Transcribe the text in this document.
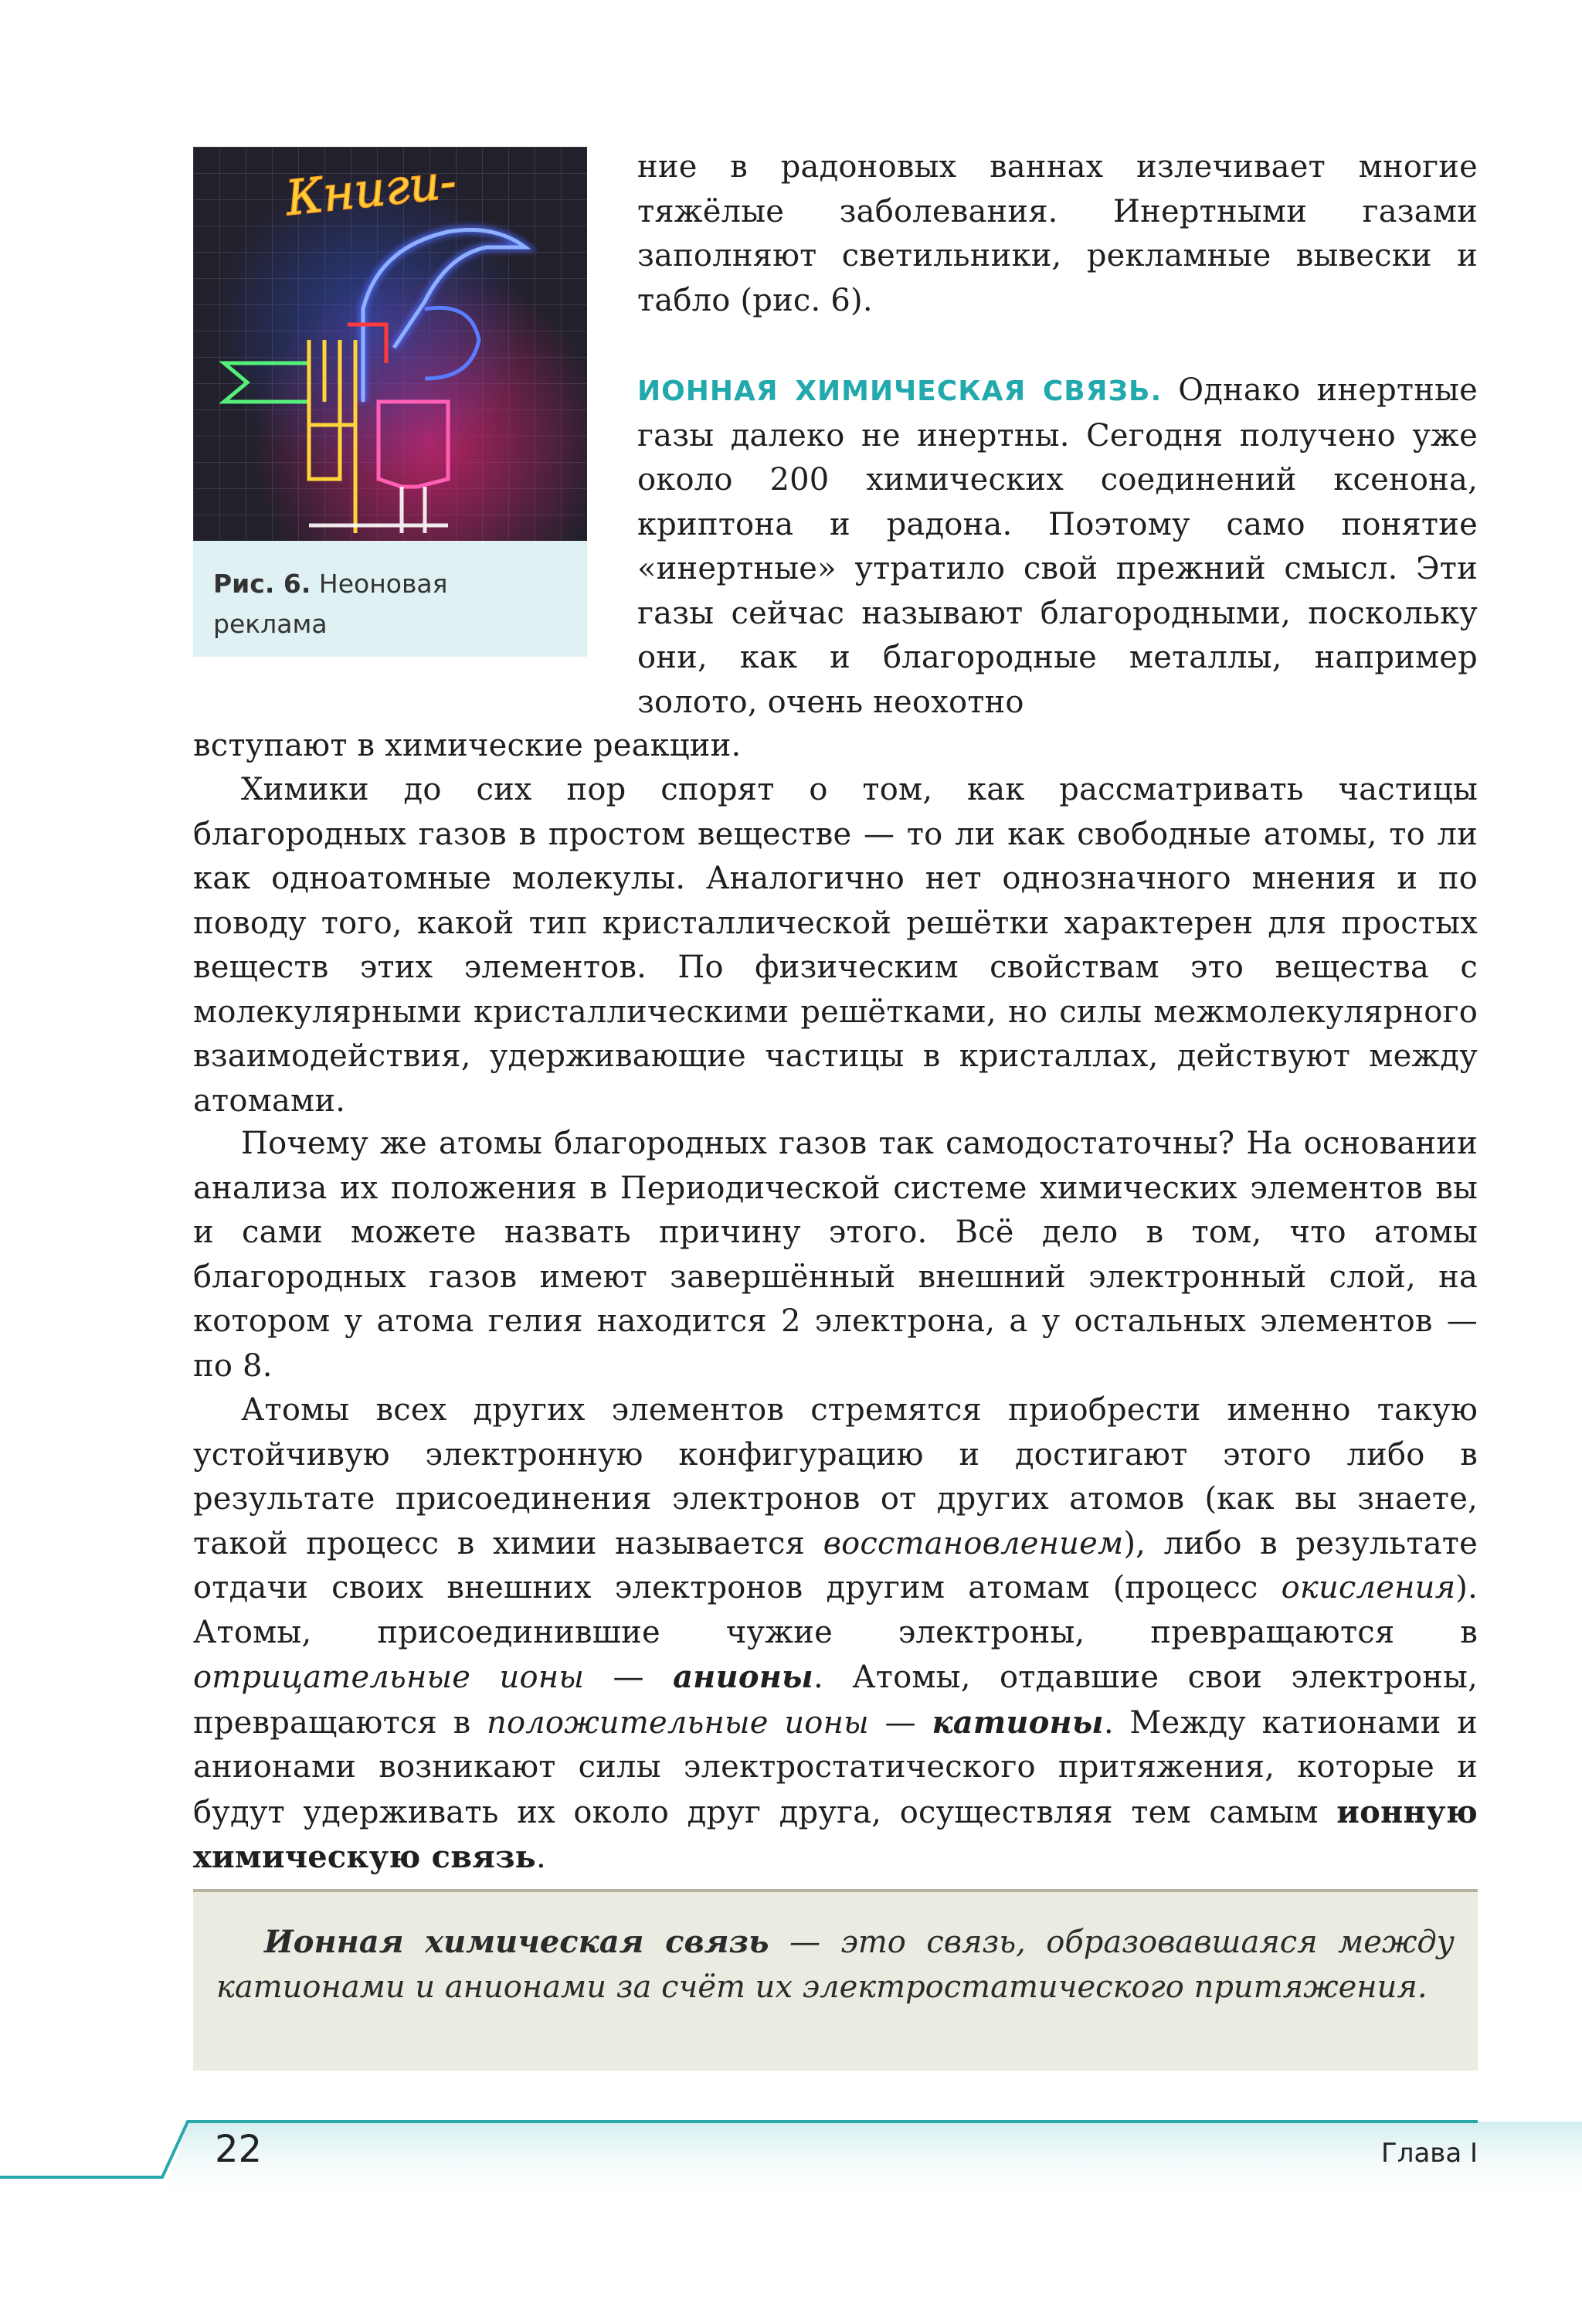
Книги-
Рис. 6. Неоновая реклама

ние в радоновых ваннах излечивает многие тяжёлые заболевания. Инертными газами заполняют светильники, рекламные вывески и табло (рис. 6).

ИОННАЯ ХИМИЧЕСКАЯ СВЯЗЬ. Однако инертные газы далеко не инертны. Сегодня получено уже около 200 химических соединений ксенона, криптона и радона. Поэтому само понятие «инертные» утратило свой прежний смысл. Эти газы сейчас называют благородными, поскольку они, как и благородные металлы, например золото, очень неохотно

вступают в химические реакции.

Химики до сих пор спорят о том, как рассматривать частицы благородных газов в простом веществе — то ли как свободные атомы, то ли как одноатомные молекулы. Аналогично нет однозначного мнения и по поводу того, какой тип кристаллической решётки характерен для простых веществ этих элементов. По физическим свойствам это вещества с молекулярными кристаллическими решётками, но силы межмолекулярного взаимодействия, удерживающие частицы в кристаллах, действуют между атомами.

Почему же атомы благородных газов так самодостаточны? На основании анализа их положения в Периодической системе химических элементов вы и сами можете назвать причину этого. Всё дело в том, что атомы благородных газов имеют завершённый внешний электронный слой, на котором у атома гелия находится 2 электрона, а у остальных элементов — по 8.

Атомы всех других элементов стремятся приобрести именно такую устойчивую электронную конфигурацию и достигают этого либо в результате присоединения электронов от других атомов (как вы знаете, такой процесс в химии называется восстановлением), либо в результате отдачи своих внешних электронов другим атомам (процесс окисления). Атомы, присоединившие чужие электроны, превращаются в отрицательные ионы — анионы. Атомы, отдавшие свои электроны, превращаются в положительные ионы — катионы. Между катионами и анионами возникают силы электростатического притяжения, которые и будут удерживать их около друг друга, осуществляя тем самым ионную химическую связь.

Ионная химическая связь — это связь, образовавшаяся между катионами и анионами за счёт их электростатического притяжения.

22	Глава I
